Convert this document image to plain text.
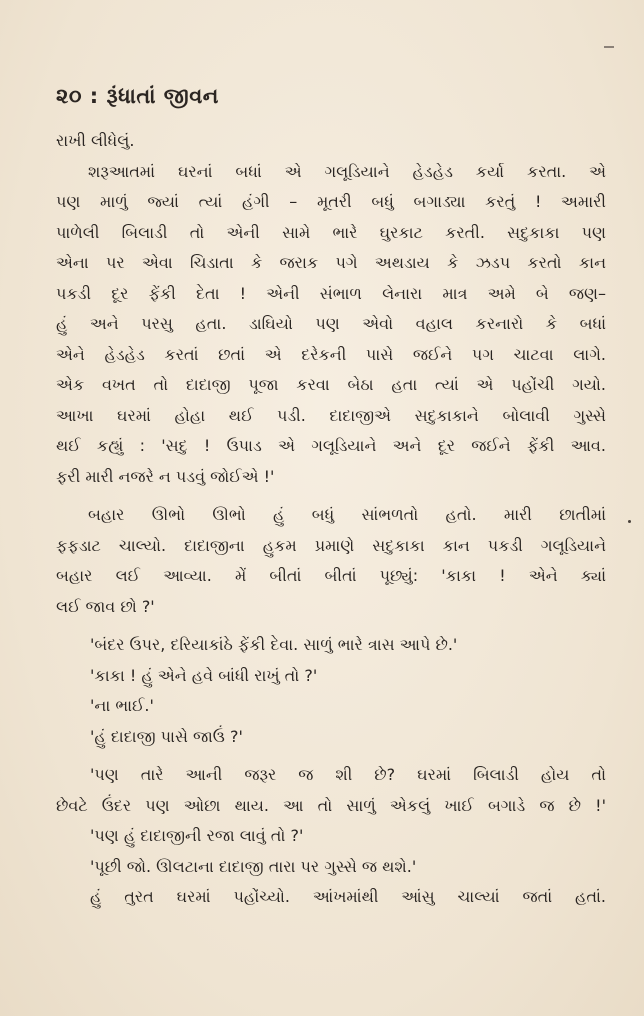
૨૦ : રૂંધાતાં જીવન
રાખી લીધેલું.
શરૂઆતમાં ઘરનાં બધાં એ ગલૂડિયાને હેડહેડ કર્યા કરતા. એ
પણ માળું જ્યાં ત્યાં હંગી – મૂતરી બધું બગાડ્યા કરતું ! અમારી
પાળેલી બિલાડી તો એની સામે ભારે ઘુરકાટ કરતી. સદુકાકા પણ
એના પર એવા ચિડાતા કે જરાક પગે અથડાય કે ઝડપ કરતો કાન
પકડી દૂર ફેંકી દેતા ! એની સંભાળ લેનારા માત્ર અમે બે જણ–
હું અને પરસુ હતા. ડાઘિયો પણ એવો વહાલ કરનારો કે બધાં
એને હેડહેડ કરતાં છતાં એ દરેકની પાસે જઈને પગ ચાટવા લાગે.
એક વખત તો દાદાજી પૂજા કરવા બેઠા હતા ત્યાં એ પહોંચી ગયો.
આખા ઘરમાં હોહા થઈ પડી. દાદાજીએ સદુકાકાને બોલાવી ગુસ્સે
થઈ કહ્યું : 'સદુ ! ઉપાડ એ ગલૂડિયાને અને દૂર જઈને ફેંકી આવ.
ફરી મારી નજરે ન પડવું જોઈએ !'
બહાર ઊભો ઊભો હું બધું સાંભળતો હતો. મારી છાતીમાં
ફફડાટ ચાલ્યો. દાદાજીના હુકમ પ્રમાણે સદુકાકા કાન પકડી ગલૂડિયાને
બહાર લઈ આવ્યા. મેં બીતાં બીતાં પૂછ્યું: 'કાકા ! એને ક્યાં
લઈ જાવ છો ?'
'બંદર ઉપર, દરિયાકાંઠે ફેંકી દેવા. સાળું ભારે ત્રાસ આપે છે.'
'કાકા ! હું એને હવે બાંધી રાખું તો ?'
'ના ભાઈ.'
'હું દાદાજી પાસે જાઉં ?'
'પણ તારે આની જરૂર જ શી છે? ઘરમાં બિલાડી હોય તો
છેવટે ઉંદર પણ ઓછા થાય. આ તો સાળું એકલું ખાઈ બગાડે જ છે !'
'પણ હું દાદાજીની રજા લાવું તો ?'
'પૂછી જો. ઊલટાના દાદાજી તારા પર ગુસ્સે જ થશે.'
હું તુરત ઘરમાં પહોંચ્યો. આંખમાંથી આંસુ ચાલ્યાં જતાં હતાં.
